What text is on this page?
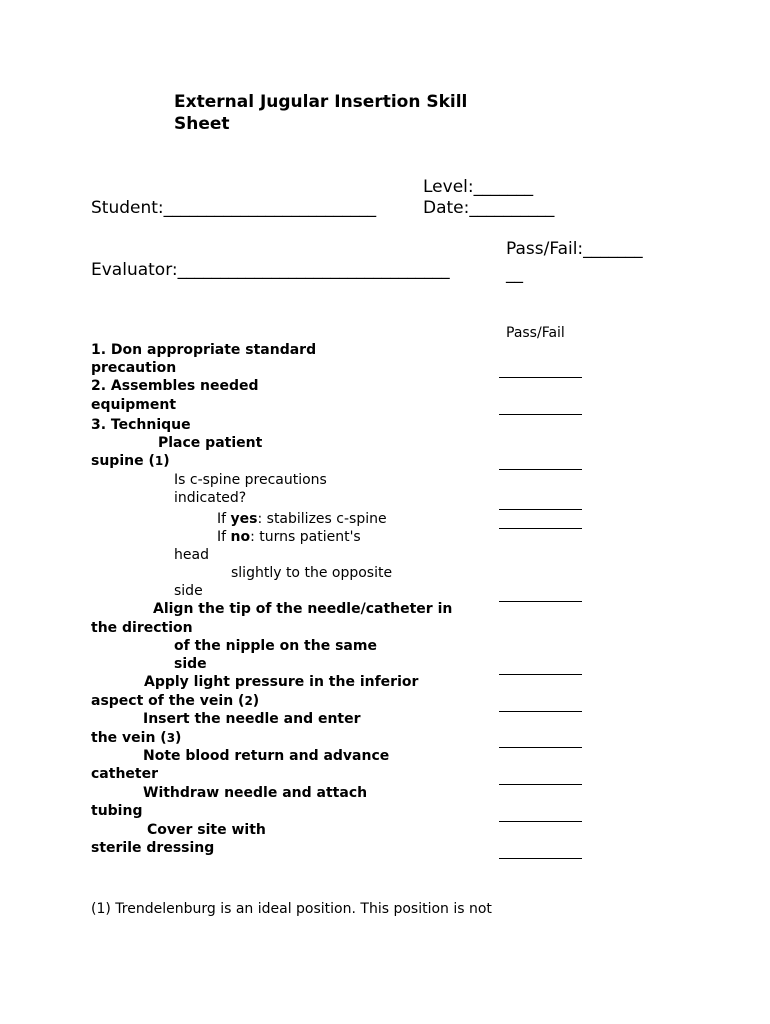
External Jugular Insertion Skill
Sheet
Level:_______
Student:_________________________	Date:__________
Pass/Fail:_______
Evaluator:________________________________	__
Pass/Fail
1. Don appropriate standard
precaution
2. Assembles needed
equipment
3. Technique
Place patient
supine (1)
Is c-spine precautions
indicated?
If yes: stabilizes c-spine
If no: turns patient's
head
slightly to the opposite
side
Align the tip of the needle/catheter in
the direction
of the nipple on the same
side
Apply light pressure in the inferior
aspect of the vein (2)
Insert the needle and enter
the vein (3)
Note blood return and advance
catheter
Withdraw needle and attach
tubing
Cover site with
sterile dressing
(1) Trendelenburg is an ideal position. This position is not
